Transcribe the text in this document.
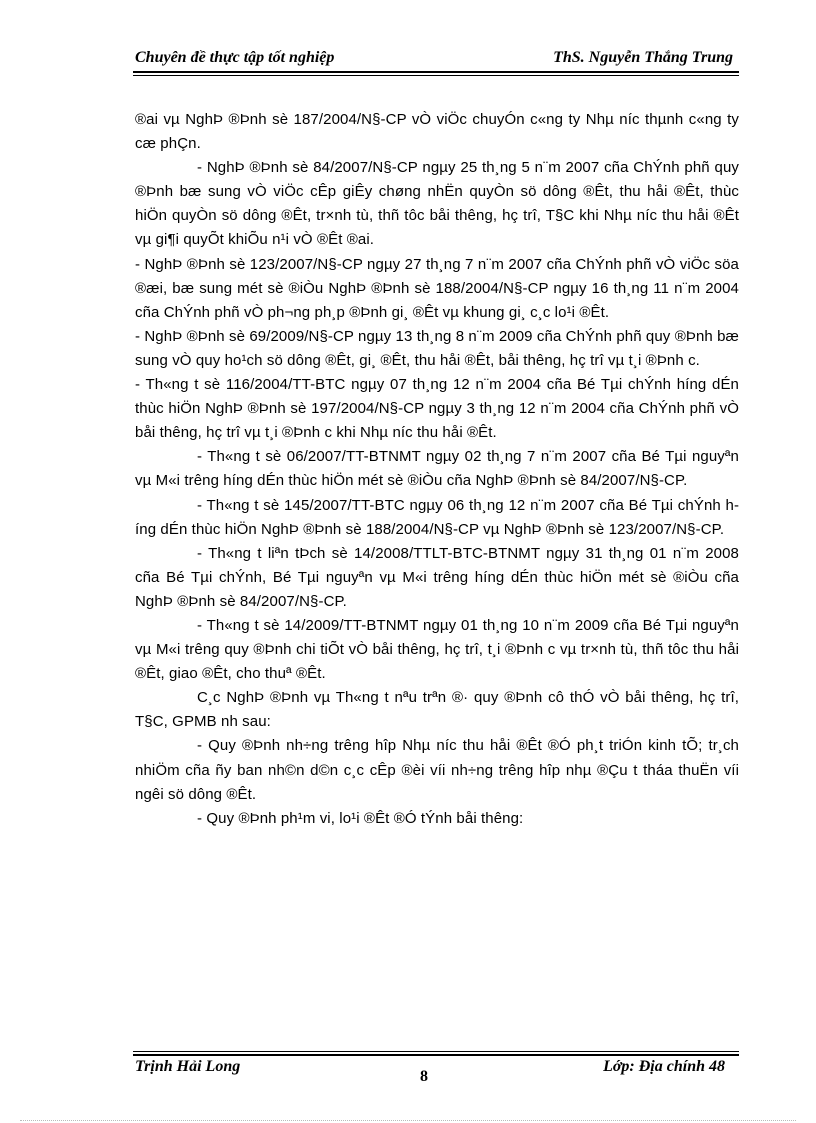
Chuyên đề thực tập tốt nghiệp	ThS. Nguyễn Thắng Trung

®ai vµ NghÞ ®Þnh sè 187/2004/N§-CP vÒ viÖc chuyÓn c«ng ty Nhµ níc thµnh c«ng ty cæ phÇn.

- NghÞ ®Þnh sè 84/2007/N§-CP ngµy 25 th¸ng 5 n¨m 2007 cña ChÝnh phñ quy ®Þnh bæ sung vÒ viÖc cÊp giÊy chøng nhËn quyÒn sö dông ®Êt, thu håi ®Êt, thùc hiÖn quyÒn sö dông ®Êt, tr×nh tù, thñ tôc båi thêng, hç trî, T§C khi Nhµ níc thu håi ®Êt vµ gi¶i quyÕt khiÕu n¹i vÒ ®Êt ®ai.

- NghÞ ®Þnh sè 123/2007/N§-CP ngµy 27 th¸ng 7 n¨m 2007 cña ChÝnh phñ vÒ viÖc söa ®æi, bæ sung mét sè ®iÒu NghÞ ®Þnh sè 188/2004/N§-CP ngµy 16 th¸ng 11 n¨m 2004 cña ChÝnh phñ vÒ ph¬ng ph¸p ®Þnh gi¸ ®Êt vµ khung gi¸ c¸c lo¹i ®Êt.

- NghÞ ®Þnh sè 69/2009/N§-CP ngµy 13 th¸ng 8 n¨m 2009 cña ChÝnh phñ quy ®Þnh bæ sung vÒ quy ho¹ch sö dông ®Êt, gi¸ ®Êt, thu håi ®Êt, båi thêng, hç trî vµ t¸i ®Þnh c.

- Th«ng t sè 116/2004/TT-BTC ngµy 07 th¸ng 12 n¨m 2004 cña Bé Tµi chÝnh híng dÉn thùc hiÖn NghÞ ®Þnh sè 197/2004/N§-CP ngµy 3 th¸ng 12 n¨m 2004 cña ChÝnh phñ vÒ båi thêng, hç trî vµ t¸i ®Þnh c khi Nhµ níc thu håi ®Êt.

- Th«ng t sè 06/2007/TT-BTNMT ngµy 02 th¸ng 7 n¨m 2007 cña Bé Tµi nguyªn vµ M«i trêng híng dÉn thùc hiÖn mét sè ®iÒu cña NghÞ ®Þnh sè 84/2007/N§-CP.

- Th«ng t sè 145/2007/TT-BTC ngµy 06 th¸ng 12 n¨m 2007 cña Bé Tµi chÝnh híng dÉn thùc hiÖn NghÞ ®Þnh sè 188/2004/N§-CP vµ NghÞ ®Þnh sè 123/2007/N§-CP.

- Th«ng t liªn tÞch sè 14/2008/TTLT-BTC-BTNMT ngµy 31 th¸ng 01 n¨m 2008 cña Bé Tµi chÝnh, Bé Tµi nguyªn vµ M«i trêng híng dÉn thùc hiÖn mét sè ®iÒu cña NghÞ ®Þnh sè 84/2007/N§-CP.

- Th«ng t sè 14/2009/TT-BTNMT ngµy 01 th¸ng 10 n¨m 2009 cña Bé Tµi nguyªn vµ M«i trêng quy ®Þnh chi tiÕt vÒ båi thêng, hç trî, t¸i ®Þnh c vµ tr×nh tù, thñ tôc thu håi ®Êt, giao ®Êt, cho thuª ®Êt.

C¸c NghÞ ®Þnh vµ Th«ng t nªu trªn ®· quy ®Þnh cô thÓ vÒ båi thêng, hç trî, T§C, GPMB nh sau:

- Quy ®Þnh nh÷ng trêng hîp Nhµ níc thu håi ®Êt ®Ó ph¸t triÓn kinh tÕ; tr¸ch nhiÖm cña ñy ban nh©n d©n c¸c cÊp ®èi víi nh÷ng trêng hîp nhµ ®Çu t tháa thuËn víi ngêi sö dông ®Êt.

- Quy ®Þnh ph¹m vi, lo¹i ®Êt ®Ó tÝnh båi thêng:

Trịnh Hải Long	Lớp: Địa chính 48
8
